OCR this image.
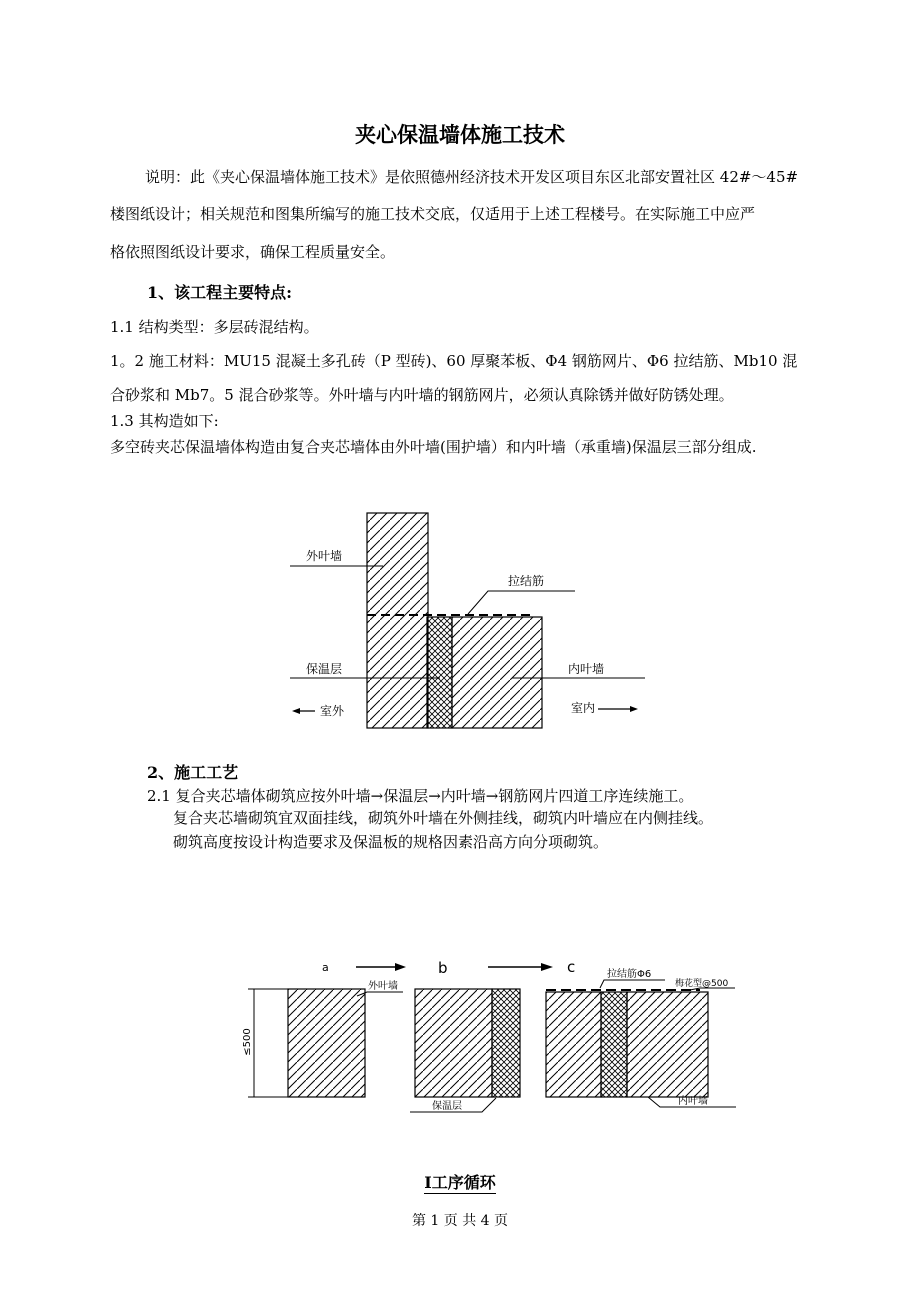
夹心保温墙体施工技术
说明：此《夹心保温墙体施工技术》是依照德州经济技术开发区项目东区北部安置社区 42#～45#
楼图纸设计；相关规范和图集所编写的施工技术交底，仅适用于上述工程楼号。在实际施工中应严
格依照图纸设计要求，确保工程质量安全。
1、该工程主要特点:
1.1 结构类型：多层砖混结构。
1。2 施工材料：MU15 混凝土多孔砖（P 型砖)、60 厚聚苯板、Φ4 钢筋网片、Φ6 拉结筋、Mb10 混
合砂浆和 Mb7。5 混合砂浆等。外叶墙与内叶墙的钢筋网片，必须认真除锈并做好防锈处理。
1.3 其构造如下:
多空砖夹芯保温墙体构造由复合夹芯墙体由外叶墙(围护墙）和内叶墙（承重墙)保温层三部分组成.
外叶墙
拉结筋
保温层	内叶墙
室外	室内
a	b	c
≤500
外叶墙
保温层
拉结筋Φ6
梅花型@500
内叶墙
2、施工工艺
2.1 复合夹芯墙体砌筑应按外叶墙→保温层→内叶墙→钢筋网片四道工序连续施工。
复合夹芯墙砌筑宜双面挂线，砌筑外叶墙在外侧挂线，砌筑内叶墙应在内侧挂线。
砌筑高度按设计构造要求及保温板的规格因素沿高方向分项砌筑。
Ⅰ工序循环
第 1 页 共 4 页
